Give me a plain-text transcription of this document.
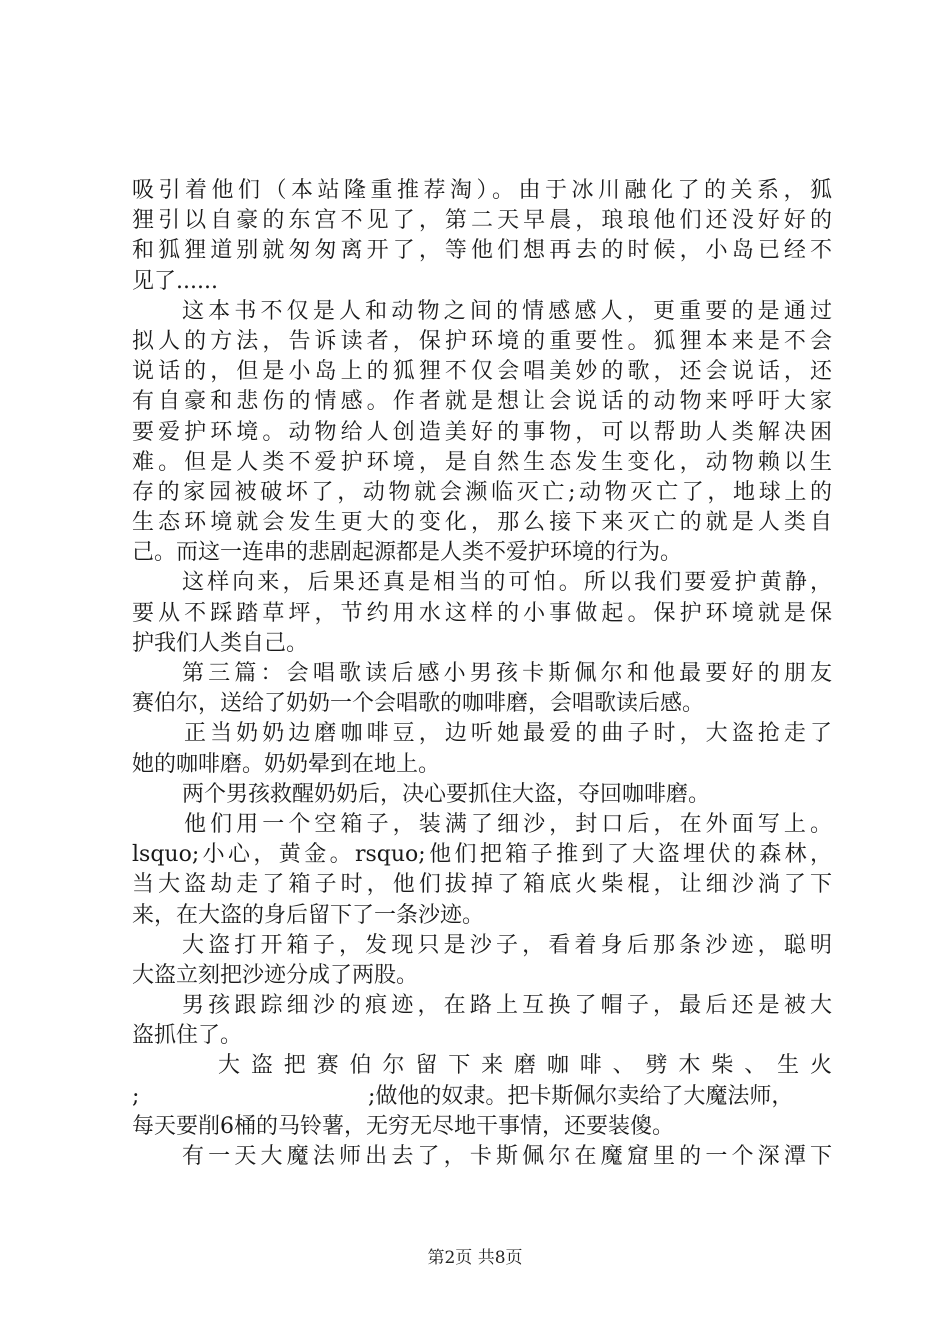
吸引着他们（本站隆重推荐淘）。由于冰川融化了的关系，狐
狸引以自豪的东宫不见了，第二天早晨，琅琅他们还没好好的
和狐狸道别就匆匆离开了，等他们想再去的时候，小岛已经不
见了......
这本书不仅是人和动物之间的情感感人，更重要的是通过
拟人的方法，告诉读者，保护环境的重要性。狐狸本来是不会
说话的，但是小岛上的狐狸不仅会唱美妙的歌，还会说话，还
有自豪和悲伤的情感。作者就是想让会说话的动物来呼吁大家
要爱护环境。动物给人创造美好的事物，可以帮助人类解决困
难。但是人类不爱护环境，是自然生态发生变化，动物赖以生
存的家园被破坏了，动物就会濒临灭亡;动物灭亡了，地球上的
生态环境就会发生更大的变化，那么接下来灭亡的就是人类自
己。而这一连串的悲剧起源都是人类不爱护环境的行为。
这样向来，后果还真是相当的可怕。所以我们要爱护黄静，
要从不踩踏草坪，节约用水这样的小事做起。保护环境就是保
护我们人类自己。
第三篇：会唱歌读后感小男孩卡斯佩尔和他最要好的朋友
赛伯尔，送给了奶奶一个会唱歌的咖啡磨，会唱歌读后感。
正当奶奶边磨咖啡豆，边听她最爱的曲子时，大盗抢走了
她的咖啡磨。奶奶晕到在地上。
两个男孩救醒奶奶后，决心要抓住大盗，夺回咖啡磨。
他们用一个空箱子，装满了细沙，封口后，在外面写上。
lsquo;小心，黄金。rsquo;他们把箱子推到了大盗埋伏的森林，
当大盗劫走了箱子时，他们拔掉了箱底火柴棍，让细沙淌了下
来，在大盗的身后留下了一条沙迹。
大盗打开箱子，发现只是沙子，看着身后那条沙迹，聪明
大盗立刻把沙迹分成了两股。
男孩跟踪细沙的痕迹，在路上互换了帽子，最后还是被大
盗抓住了。
大盗把赛伯尔留下来磨咖啡、劈木柴、生火
;	;做他的奴隶。把卡斯佩尔卖给了大魔法师，
每天要削6桶的马铃薯，无穷无尽地干事情，还要装傻。
有一天大魔法师出去了，卡斯佩尔在魔窟里的一个深潭下
第2页 共8页
